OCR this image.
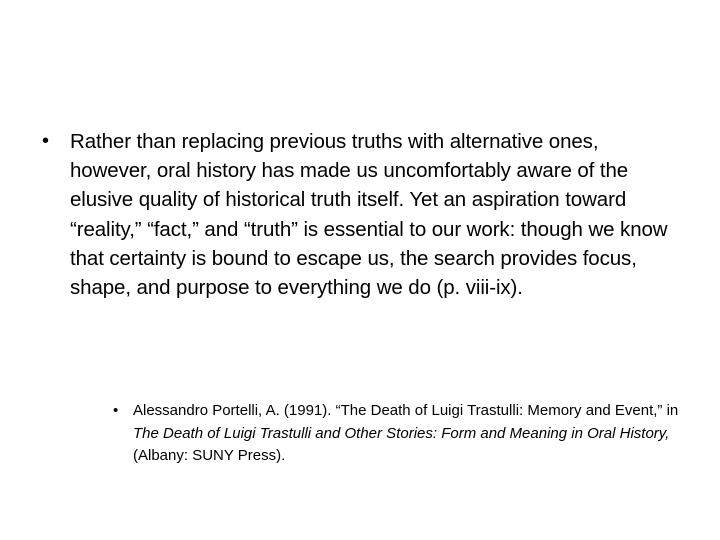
•	Rather than replacing previous truths with alternative ones, however, oral history has made us uncomfortably aware of the elusive quality of historical truth itself. Yet an aspiration toward “reality,” “fact,” and “truth” is essential to our work: though we know that certainty is bound to escape us, the search provides focus, shape, and purpose to everything we do (p. viii-ix).
• Alessandro Portelli, A. (1991). “The Death of Luigi Trastulli: Memory and Event,” in The Death of Luigi Trastulli and Other Stories: Form and Meaning in Oral History, (Albany: SUNY Press).
